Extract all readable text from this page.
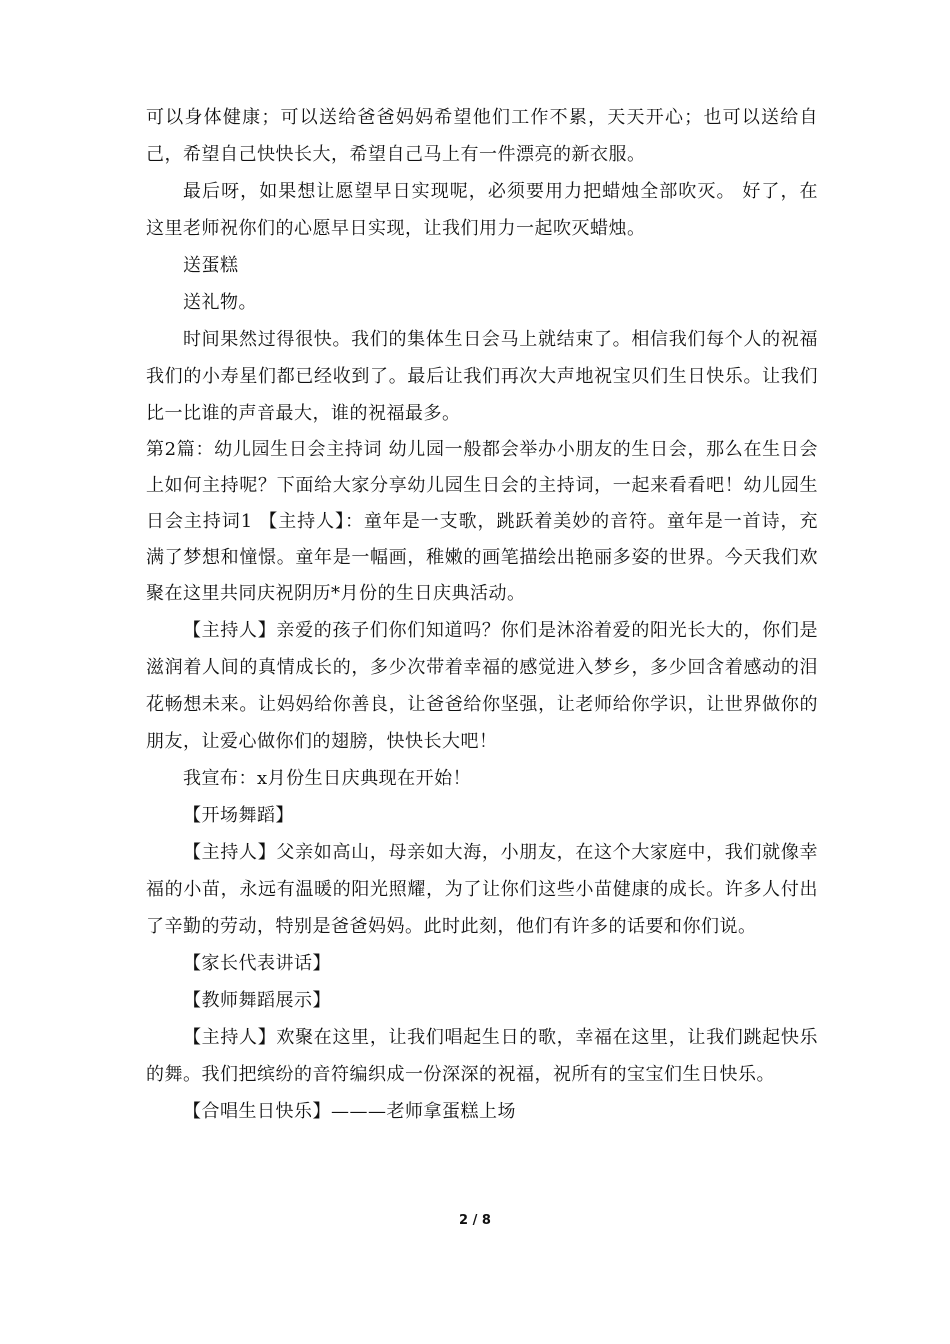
可以身体健康；可以送给爸爸妈妈希望他们工作不累，天天开心；也可以送给自己，希望自己快快长大，希望自己马上有一件漂亮的新衣服。

最后呀，如果想让愿望早日实现呢，必须要用力把蜡烛全部吹灭。 好了，在这里老师祝你们的心愿早日实现，让我们用力一起吹灭蜡烛。

送蛋糕

送礼物。

时间果然过得很快。我们的集体生日会马上就结束了。相信我们每个人的祝福我们的小寿星们都已经收到了。最后让我们再次大声地祝宝贝们生日快乐。让我们比一比谁的声音最大，谁的祝福最多。

第2篇：幼儿园生日会主持词 幼儿园一般都会举办小朋友的生日会，那么在生日会上如何主持呢？下面给大家分享幼儿园生日会的主持词，一起来看看吧！幼儿园生日会主持词1 【主持人】：童年是一支歌，跳跃着美妙的音符。童年是一首诗，充满了梦想和憧憬。童年是一幅画，稚嫩的画笔描绘出艳丽多姿的世界。今天我们欢聚在这里共同庆祝阴历*月份的生日庆典活动。

【主持人】亲爱的孩子们你们知道吗？你们是沐浴着爱的阳光长大的，你们是滋润着人间的真情成长的，多少次带着幸福的感觉进入梦乡，多少回含着感动的泪花畅想未来。让妈妈给你善良，让爸爸给你坚强，让老师给你学识，让世界做你的朋友，让爱心做你们的翅膀，快快长大吧！

我宣布：x月份生日庆典现在开始！

【开场舞蹈】

【主持人】父亲如高山，母亲如大海，小朋友，在这个大家庭中，我们就像幸福的小苗，永远有温暖的阳光照耀，为了让你们这些小苗健康的成长。许多人付出了辛勤的劳动，特别是爸爸妈妈。此时此刻，他们有许多的话要和你们说。

【家长代表讲话】

【教师舞蹈展示】

【主持人】欢聚在这里，让我们唱起生日的歌，幸福在这里，让我们跳起快乐的舞。我们把缤纷的音符编织成一份深深的祝福，祝所有的宝宝们生日快乐。

【合唱生日快乐】———老师拿蛋糕上场

2 / 8
